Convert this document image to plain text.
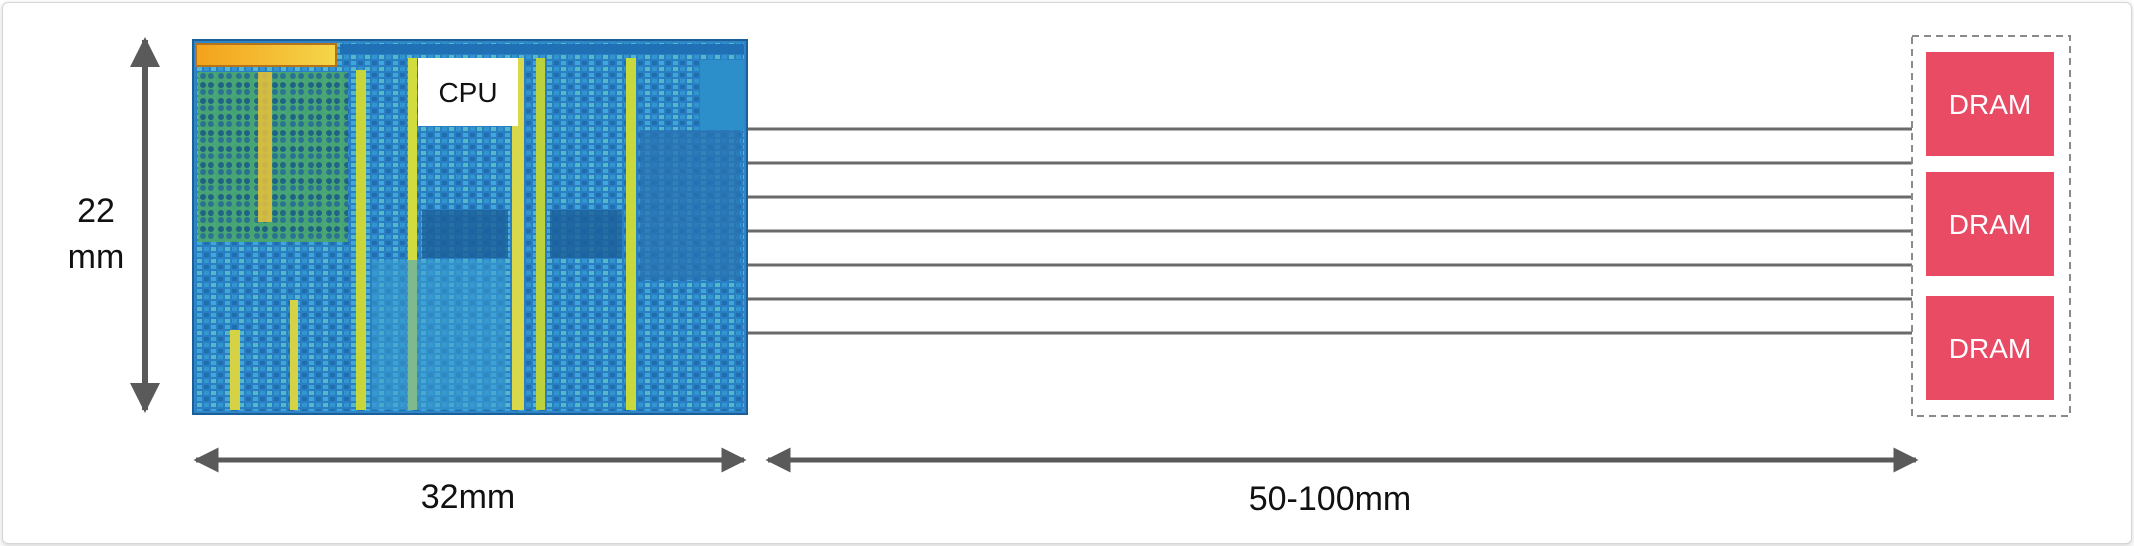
CPU
22
mm
32mm	50-100mm
DRAM
DRAM
DRAM
